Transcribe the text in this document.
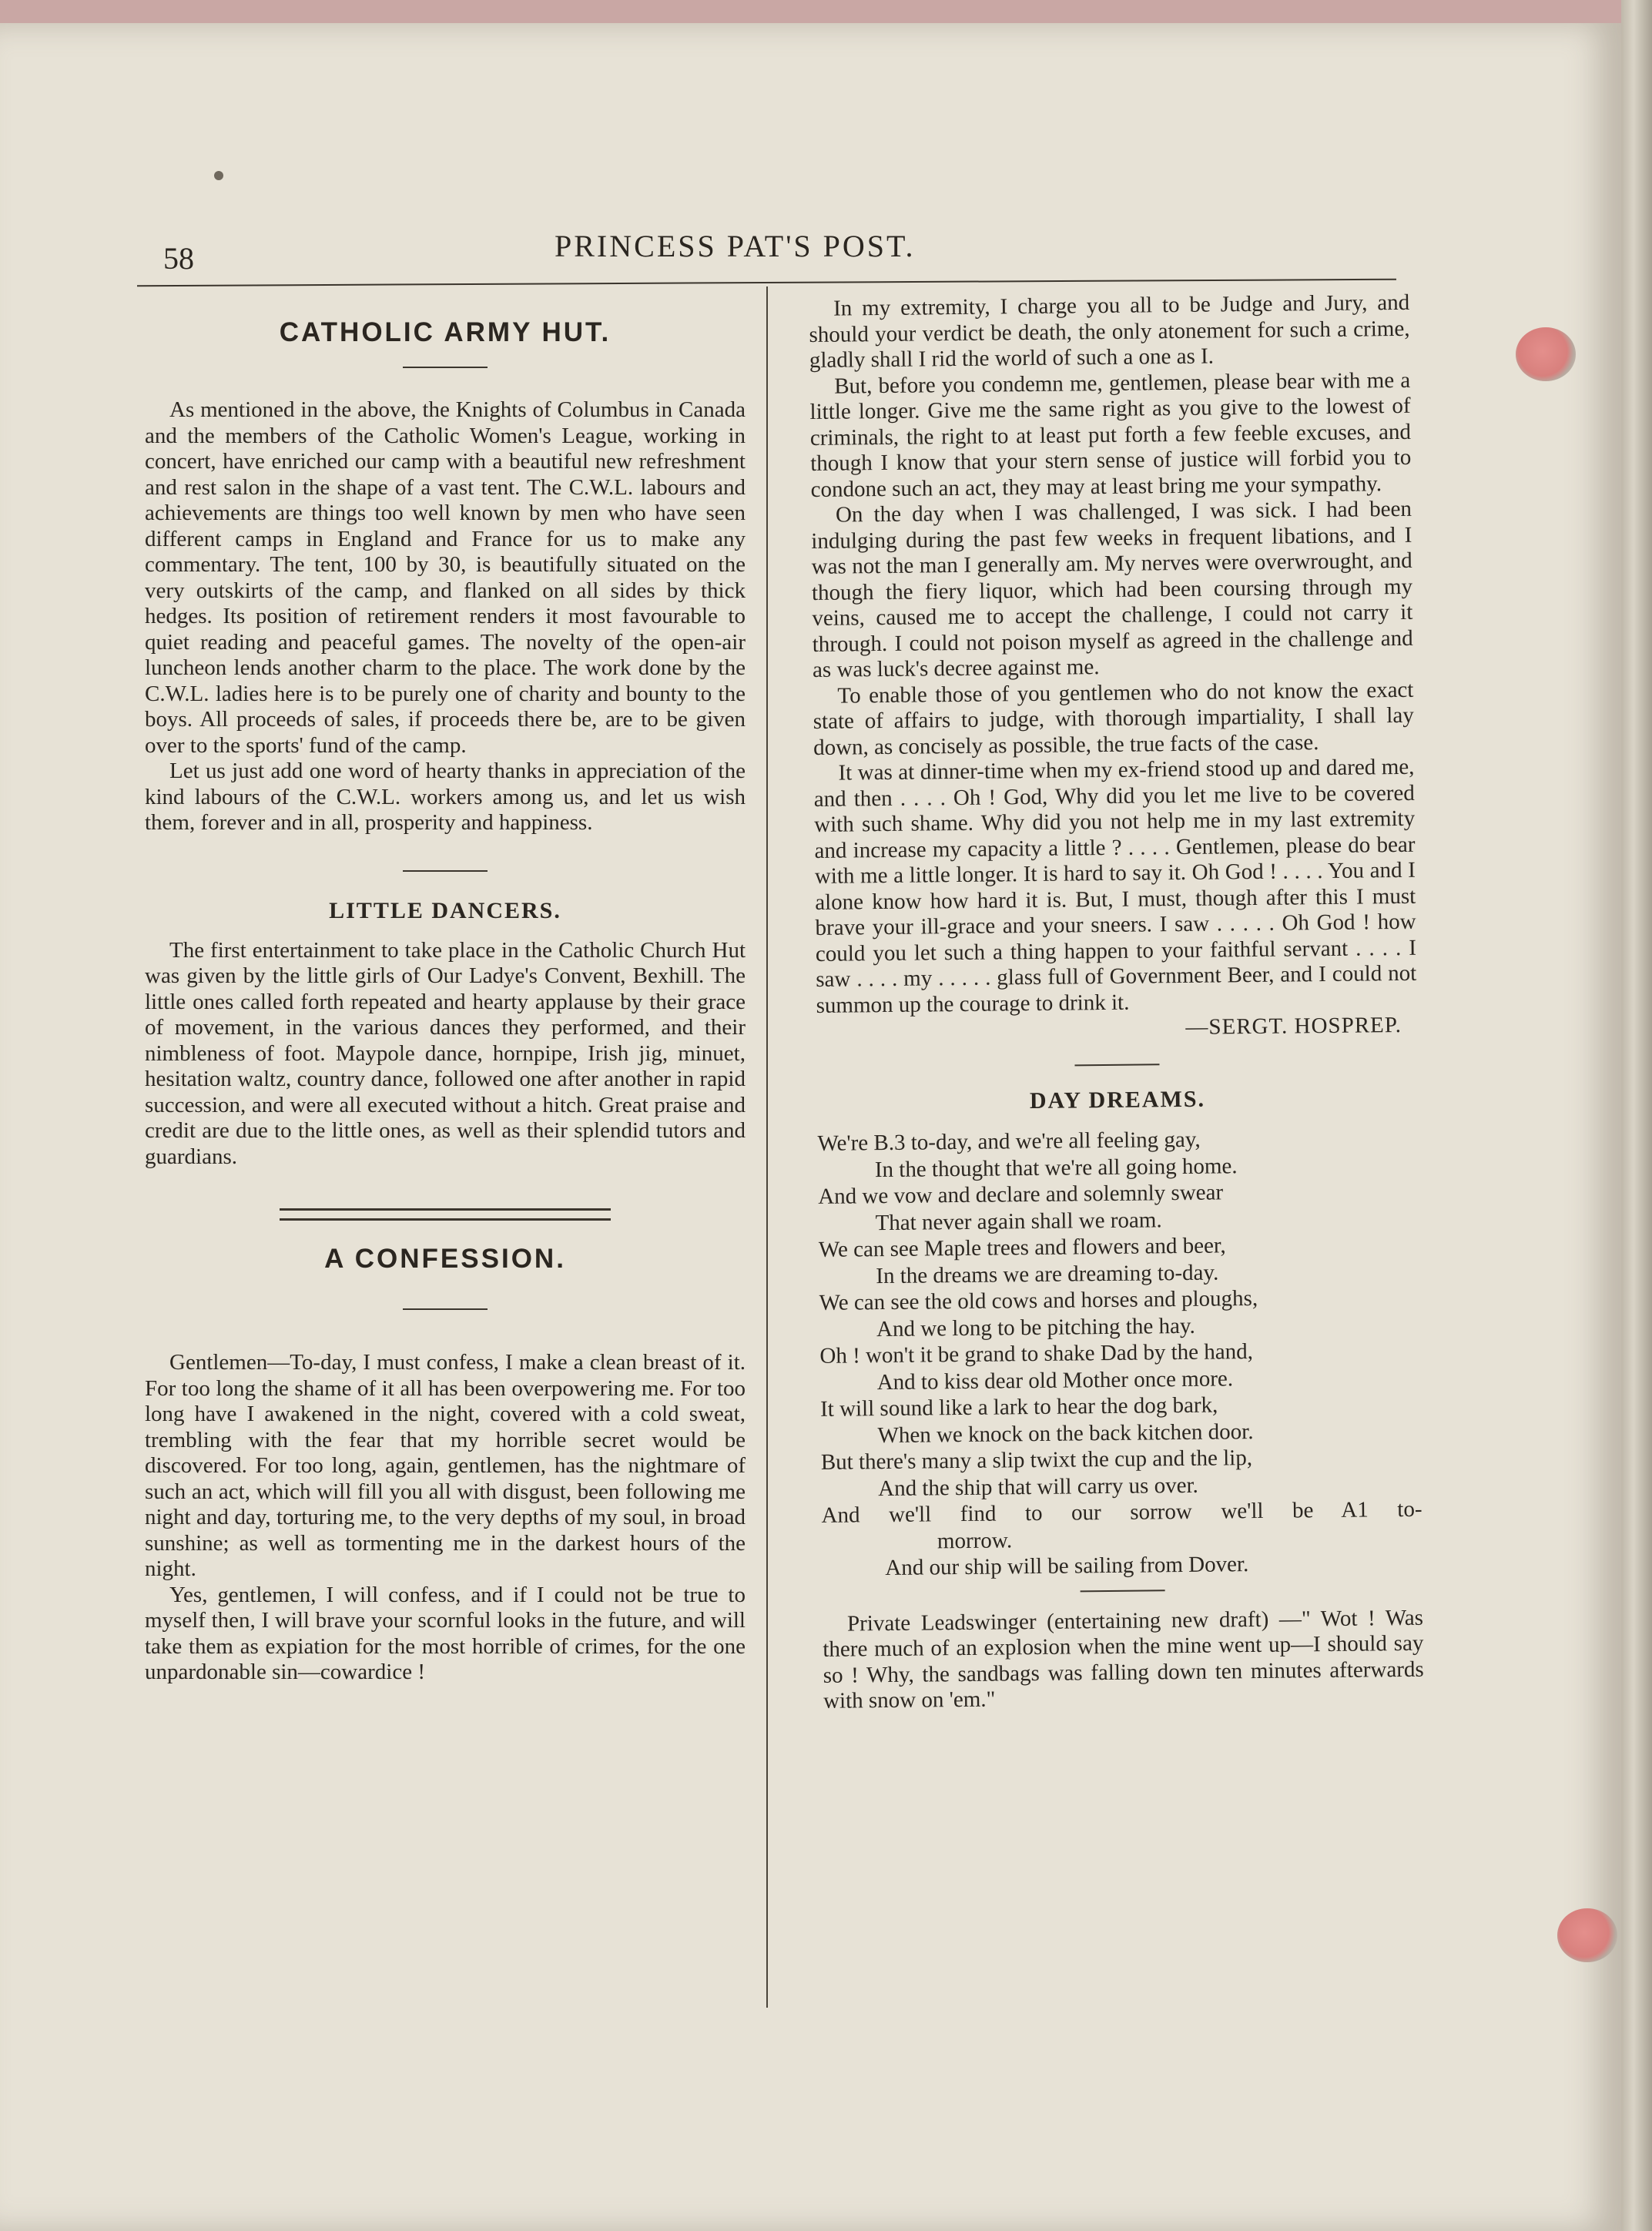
58	PRINCESS PAT'S POST.
CATHOLIC ARMY HUT.

As mentioned in the above, the Knights of Columbus in Canada and the members of the Catholic Women's League, working in concert, have enriched our camp with a beautiful new refreshment and rest salon in the shape of a vast tent. The C.W.L. labours and achievements are things too well known by men who have seen different camps in England and France for us to make any commentary. The tent, 100 by 30, is beautifully situated on the very outskirts of the camp, and flanked on all sides by thick hedges. Its position of retirement renders it most favourable to quiet reading and peaceful games. The novelty of the open-air luncheon lends another charm to the place. The work done by the C.W.L. ladies here is to be purely one of charity and bounty to the boys. All proceeds of sales, if proceeds there be, are to be given over to the sports' fund of the camp.

Let us just add one word of hearty thanks in appreciation of the kind labours of the C.W.L. workers among us, and let us wish them, forever and in all, prosperity and happiness.

LITTLE DANCERS.

The first entertainment to take place in the Catholic Church Hut was given by the little girls of Our Ladye's Convent, Bexhill. The little ones called forth repeated and hearty applause by their grace of movement, in the various dances they performed, and their nimbleness of foot. Maypole dance, hornpipe, Irish jig, minuet, hesitation waltz, country dance, followed one after another in rapid succession, and were all executed without a hitch. Great praise and credit are due to the little ones, as well as their splendid tutors and guardians.

A CONFESSION.

Gentlemen—To-day, I must confess, I make a clean breast of it. For too long the shame of it all has been overpowering me. For too long have I awakened in the night, covered with a cold sweat, trembling with the fear that my horrible secret would be discovered. For too long, again, gentlemen, has the nightmare of such an act, which will fill you all with disgust, been following me night and day, torturing me, to the very depths of my soul, in broad sunshine; as well as tormenting me in the darkest hours of the night.

Yes, gentlemen, I will confess, and if I could not be true to myself then, I will brave your scornful looks in the future, and will take them as expiation for the most horrible of crimes, for the one unpardonable sin—cowardice !

In my extremity, I charge you all to be Judge and Jury, and should your verdict be death, the only atonement for such a crime, gladly shall I rid the world of such a one as I.

But, before you condemn me, gentlemen, please bear with me a little longer. Give me the same right as you give to the lowest of criminals, the right to at least put forth a few feeble excuses, and though I know that your stern sense of justice will forbid you to condone such an act, they may at least bring me your sympathy.

On the day when I was challenged, I was sick. I had been indulging during the past few weeks in frequent libations, and I was not the man I generally am. My nerves were overwrought, and though the fiery liquor, which had been coursing through my veins, caused me to accept the challenge, I could not carry it through. I could not poison myself as agreed in the challenge and as was luck's decree against me.

To enable those of you gentlemen who do not know the exact state of affairs to judge, with thorough impartiality, I shall lay down, as concisely as possible, the true facts of the case.

It was at dinner-time when my ex-friend stood up and dared me, and then . . . . Oh ! God, Why did you let me live to be covered with such shame. Why did you not help me in my last extremity and increase my capacity a little ? . . . . Gentlemen, please do bear with me a little longer. It is hard to say it. Oh God ! . . . . You and I alone know how hard it is. But, I must, though after this I must brave your ill-grace and your sneers. I saw . . . . . Oh God ! how could you let such a thing happen to your faithful servant . . . . I saw . . . . my . . . . . glass full of Government Beer, and I could not summon up the courage to drink it.

—SERGT. HOSPREP.

DAY DREAMS.
We're B.3 to-day, and we're all feeling gay,
In the thought that we're all going home.
And we vow and declare and solemnly swear
That never again shall we roam.
We can see Maple trees and flowers and beer,
In the dreams we are dreaming to-day.
We can see the old cows and horses and ploughs,
And we long to be pitching the hay.
Oh ! won't it be grand to shake Dad by the hand,
And to kiss dear old Mother once more.
It will sound like a lark to hear the dog bark,
When we knock on the back kitchen door.
But there's many a slip twixt the cup and the lip,
And the ship that will carry us over.
And we'll find to our sorrow we'll be A1 to-
morrow.
And our ship will be sailing from Dover.

Private Leadswinger (entertaining new draft) —" Wot ! Was there much of an explosion when the mine went up—I should say so ! Why, the sandbags was falling down ten minutes afterwards with snow on 'em."
